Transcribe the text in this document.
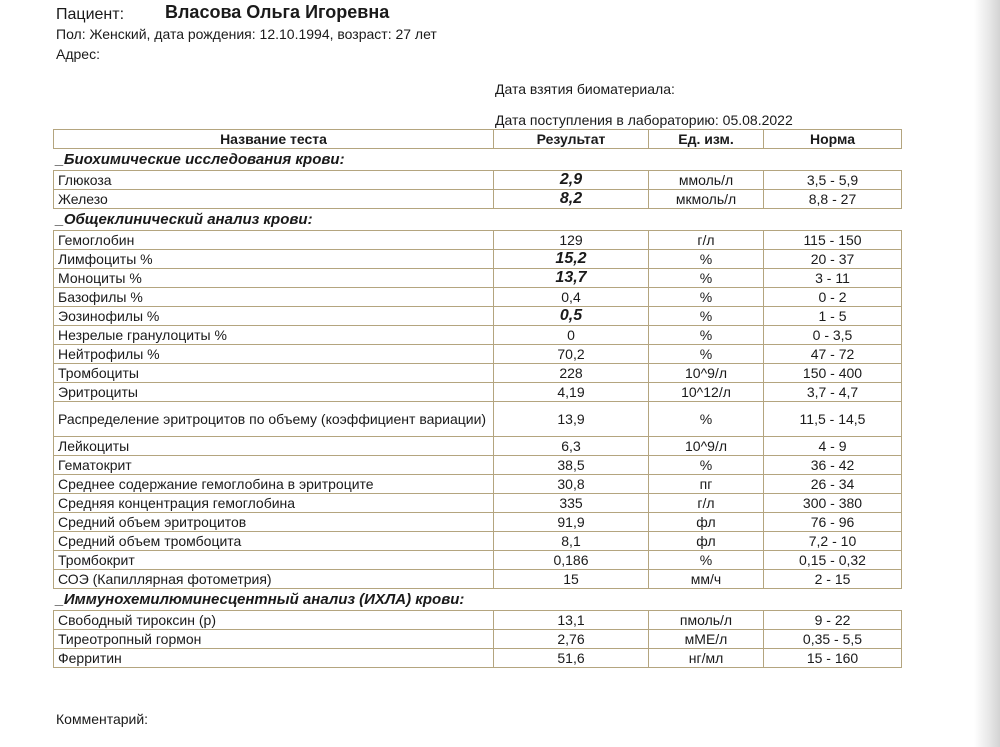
Пациент: Власова Ольга Игоревна
Пол: Женский, дата рождения: 12.10.1994, возраст: 27 лет
Адрес:
Дата взятия биоматериала:
Дата поступления в лабораторию: 05.08.2022
Название теста	Результат	Ед. изм.	Норма
_Биохимические исследования крови:			
Глюкоза	2,9	ммоль/л	3,5 - 5,9
Железо	8,2	мкмоль/л	8,8 - 27
_Общеклинический анализ крови:			
Гемоглобин	129	г/л	115 - 150
Лимфоциты %	15,2	%	20 - 37
Моноциты %	13,7	%	3 - 11
Базофилы %	0,4	%	0 - 2
Эозинофилы %	0,5	%	1 - 5
Незрелые гранулоциты %	0	%	0 - 3,5
Нейтрофилы %	70,2	%	47 - 72
Тромбоциты	228	10^9/л	150 - 400
Эритроциты	4,19	10^12/л	3,7 - 4,7
Распределение эритроцитов по объему (коэффициент вариации)	13,9	%	11,5 - 14,5
Лейкоциты	6,3	10^9/л	4 - 9
Гематокрит	38,5	%	36 - 42
Среднее содержание гемоглобина в эритроците	30,8	пг	26 - 34
Средняя концентрация гемоглобина	335	г/л	300 - 380
Средний объем эритроцитов	91,9	фл	76 - 96
Средний объем тромбоцита	8,1	фл	7,2 - 10
Тромбокрит	0,186	%	0,15 - 0,32
СОЭ (Капиллярная фотометрия)	15	мм/ч	2 - 15
_Иммунохемилюминесцентный анализ (ИХЛА) крови:			
Свободный тироксин (р)	13,1	пмоль/л	9 - 22
Тиреотропный гормон	2,76	мМЕ/л	0,35 - 5,5
Ферритин	51,6	нг/мл	15 - 160
Комментарий:
